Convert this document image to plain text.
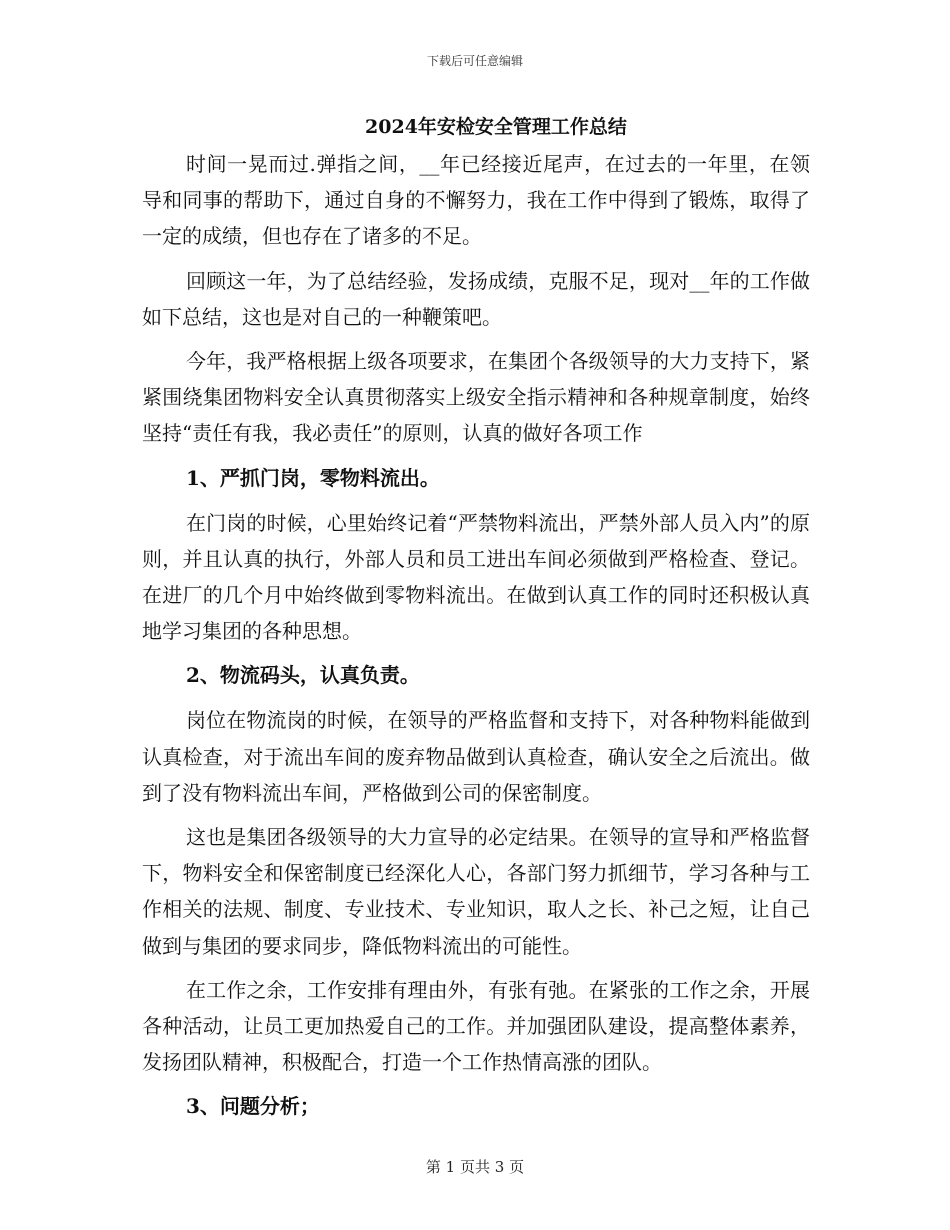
下载后可任意编辑
2024年安检安全管理工作总结

时间一晃而过.弹指之间，__年已经接近尾声，在过去的一年里，在领导和同事的帮助下，通过自身的不懈努力，我在工作中得到了锻炼，取得了一定的成绩，但也存在了诸多的不足。

回顾这一年，为了总结经验，发扬成绩，克服不足，现对__年的工作做如下总结，这也是对自己的一种鞭策吧。

今年，我严格根据上级各项要求，在集团个各级领导的大力支持下，紧紧围绕集团物料安全认真贯彻落实上级安全指示精神和各种规章制度，始终坚持“责任有我，我必责任”的原则，认真的做好各项工作

1、严抓门岗，零物料流出。

在门岗的时候，心里始终记着“严禁物料流出，严禁外部人员入内”的原则，并且认真的执行，外部人员和员工进出车间必须做到严格检查、登记。在进厂的几个月中始终做到零物料流出。在做到认真工作的同时还积极认真地学习集团的各种思想。

2、物流码头，认真负责。

岗位在物流岗的时候，在领导的严格监督和支持下，对各种物料能做到认真检查，对于流出车间的废弃物品做到认真检查，确认安全之后流出。做到了没有物料流出车间，严格做到公司的保密制度。

这也是集团各级领导的大力宣导的必定结果。在领导的宣导和严格监督下，物料安全和保密制度已经深化人心，各部门努力抓细节，学习各种与工作相关的法规、制度、专业技术、专业知识，取人之长、补己之短，让自己做到与集团的要求同步，降低物料流出的可能性。

在工作之余，工作安排有理由外，有张有弛。在紧张的工作之余，开展各种活动，让员工更加热爱自己的工作。并加强团队建设，提高整体素养，发扬团队精神，积极配合，打造一个工作热情高涨的团队。

3、问题分析；

第 1 页共 3 页
